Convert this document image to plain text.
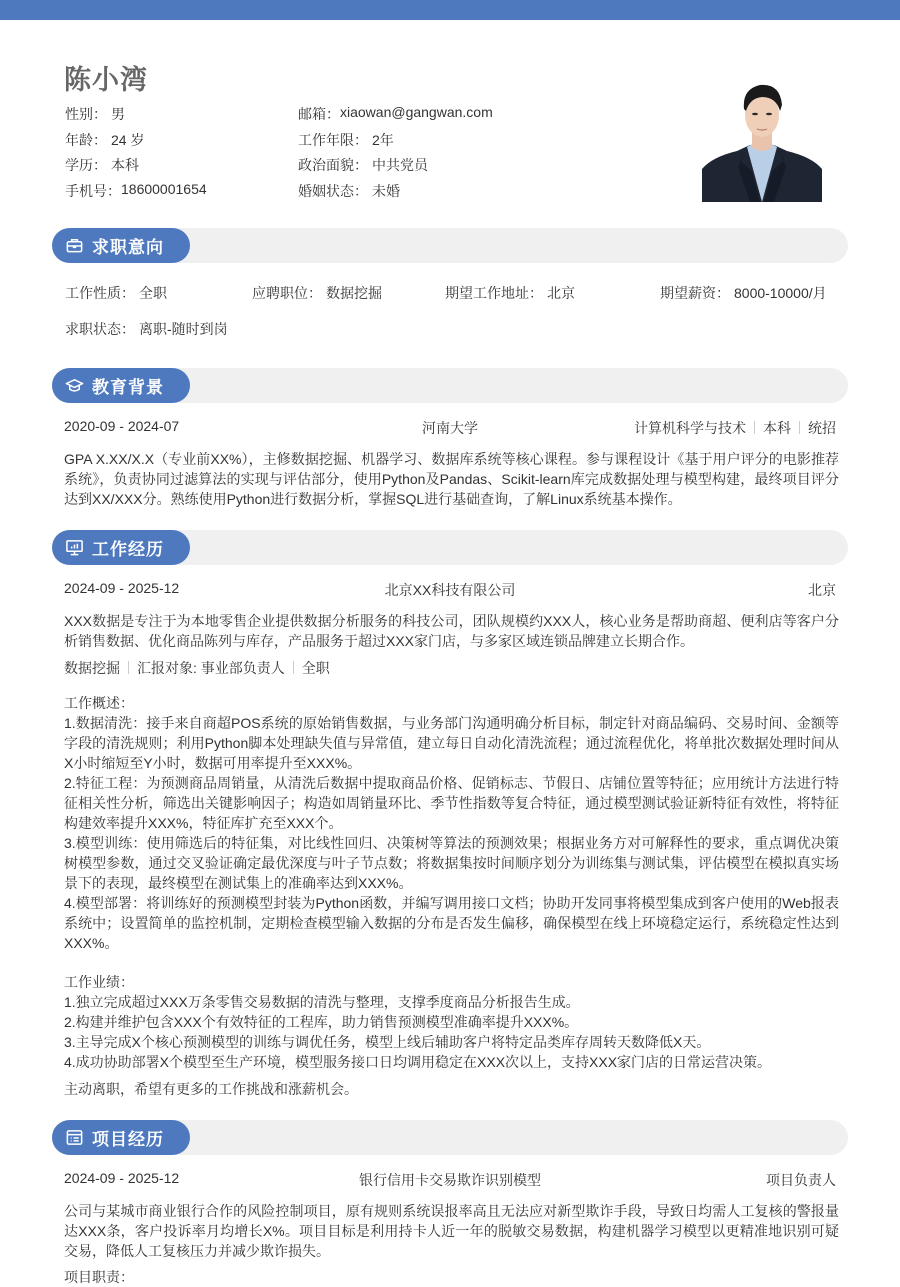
陈小湾
性别： 男	邮箱： xiaowan@gangwan.com
年龄： 24 岁	工作年限： 2年
学历： 本科	政治面貌： 中共党员
手机号： 18600001654	婚姻状态： 未婚
求职意向
工作性质： 全职	应聘职位： 数据挖掘	期望工作地址： 北京	期望薪资： 8000-10000/月
求职状态： 离职-随时到岗
教育背景
2020-09 - 2024-07	河南大学	计算机科学与技术 本科 统招
GPA X.XX/X.X（专业前XX%），主修数据挖掘、机器学习、数据库系统等核心课程。参与课程设计《基于用户评分的电影推荐系统》，负责协同过滤算法的实现与评估部分，使用Python及Pandas、Scikit-learn库完成数据处理与模型构建，最终项目评分达到XX/XXX分。熟练使用Python进行数据分析，掌握SQL进行基础查询，了解Linux系统基本操作。
工作经历
2024-09 - 2025-12	北京XX科技有限公司	北京
XXX数据是专注于为本地零售企业提供数据分析服务的科技公司，团队规模约XXX人，核心业务是帮助商超、便利店等客户分析销售数据、优化商品陈列与库存，产品服务于超过XXX家门店，与多家区域连锁品牌建立长期合作。
数据挖掘 汇报对象: 事业部负责人 全职
工作概述：
1.数据清洗：接手来自商超POS系统的原始销售数据，与业务部门沟通明确分析目标，制定针对商品编码、交易时间、金额等字段的清洗规则；利用Python脚本处理缺失值与异常值，建立每日自动化清洗流程；通过流程优化，将单批次数据处理时间从X小时缩短至Y小时，数据可用率提升至XXX%。
2.特征工程：为预测商品周销量，从清洗后数据中提取商品价格、促销标志、节假日、店铺位置等特征；应用统计方法进行特征相关性分析，筛选出关键影响因子；构造如周销量环比、季节性指数等复合特征，通过模型测试验证新特征有效性，将特征构建效率提升XXX%，特征库扩充至XXX个。
3.模型训练：使用筛选后的特征集，对比线性回归、决策树等算法的预测效果；根据业务方对可解释性的要求，重点调优决策树模型参数，通过交叉验证确定最优深度与叶子节点数；将数据集按时间顺序划分为训练集与测试集，评估模型在模拟真实场景下的表现，最终模型在测试集上的准确率达到XXX%。
4.模型部署：将训练好的预测模型封装为Python函数，并编写调用接口文档；协助开发同事将模型集成到客户使用的Web报表系统中；设置简单的监控机制，定期检查模型输入数据的分布是否发生偏移，确保模型在线上环境稳定运行，系统稳定性达到XXX%。
工作业绩：
1.独立完成超过XXX万条零售交易数据的清洗与整理，支撑季度商品分析报告生成。
2.构建并维护包含XXX个有效特征的工程库，助力销售预测模型准确率提升XXX%。
3.主导完成X个核心预测模型的训练与调优任务，模型上线后辅助客户将特定品类库存周转天数降低X天。
4.成功协助部署X个模型至生产环境，模型服务接口日均调用稳定在XXX次以上，支持XXX家门店的日常运营决策。
主动离职，希望有更多的工作挑战和涨薪机会。
项目经历
2024-09 - 2025-12	银行信用卡交易欺诈识别模型	项目负责人
公司与某城市商业银行合作的风险控制项目，原有规则系统误报率高且无法应对新型欺诈手段，导致日均需人工复核的警报量达XXX条，客户投诉率月均增长X%。项目目标是利用持卡人近一年的脱敏交易数据，构建机器学习模型以更精准地识别可疑交易，降低人工复核压力并减少欺诈损失。
项目职责：
